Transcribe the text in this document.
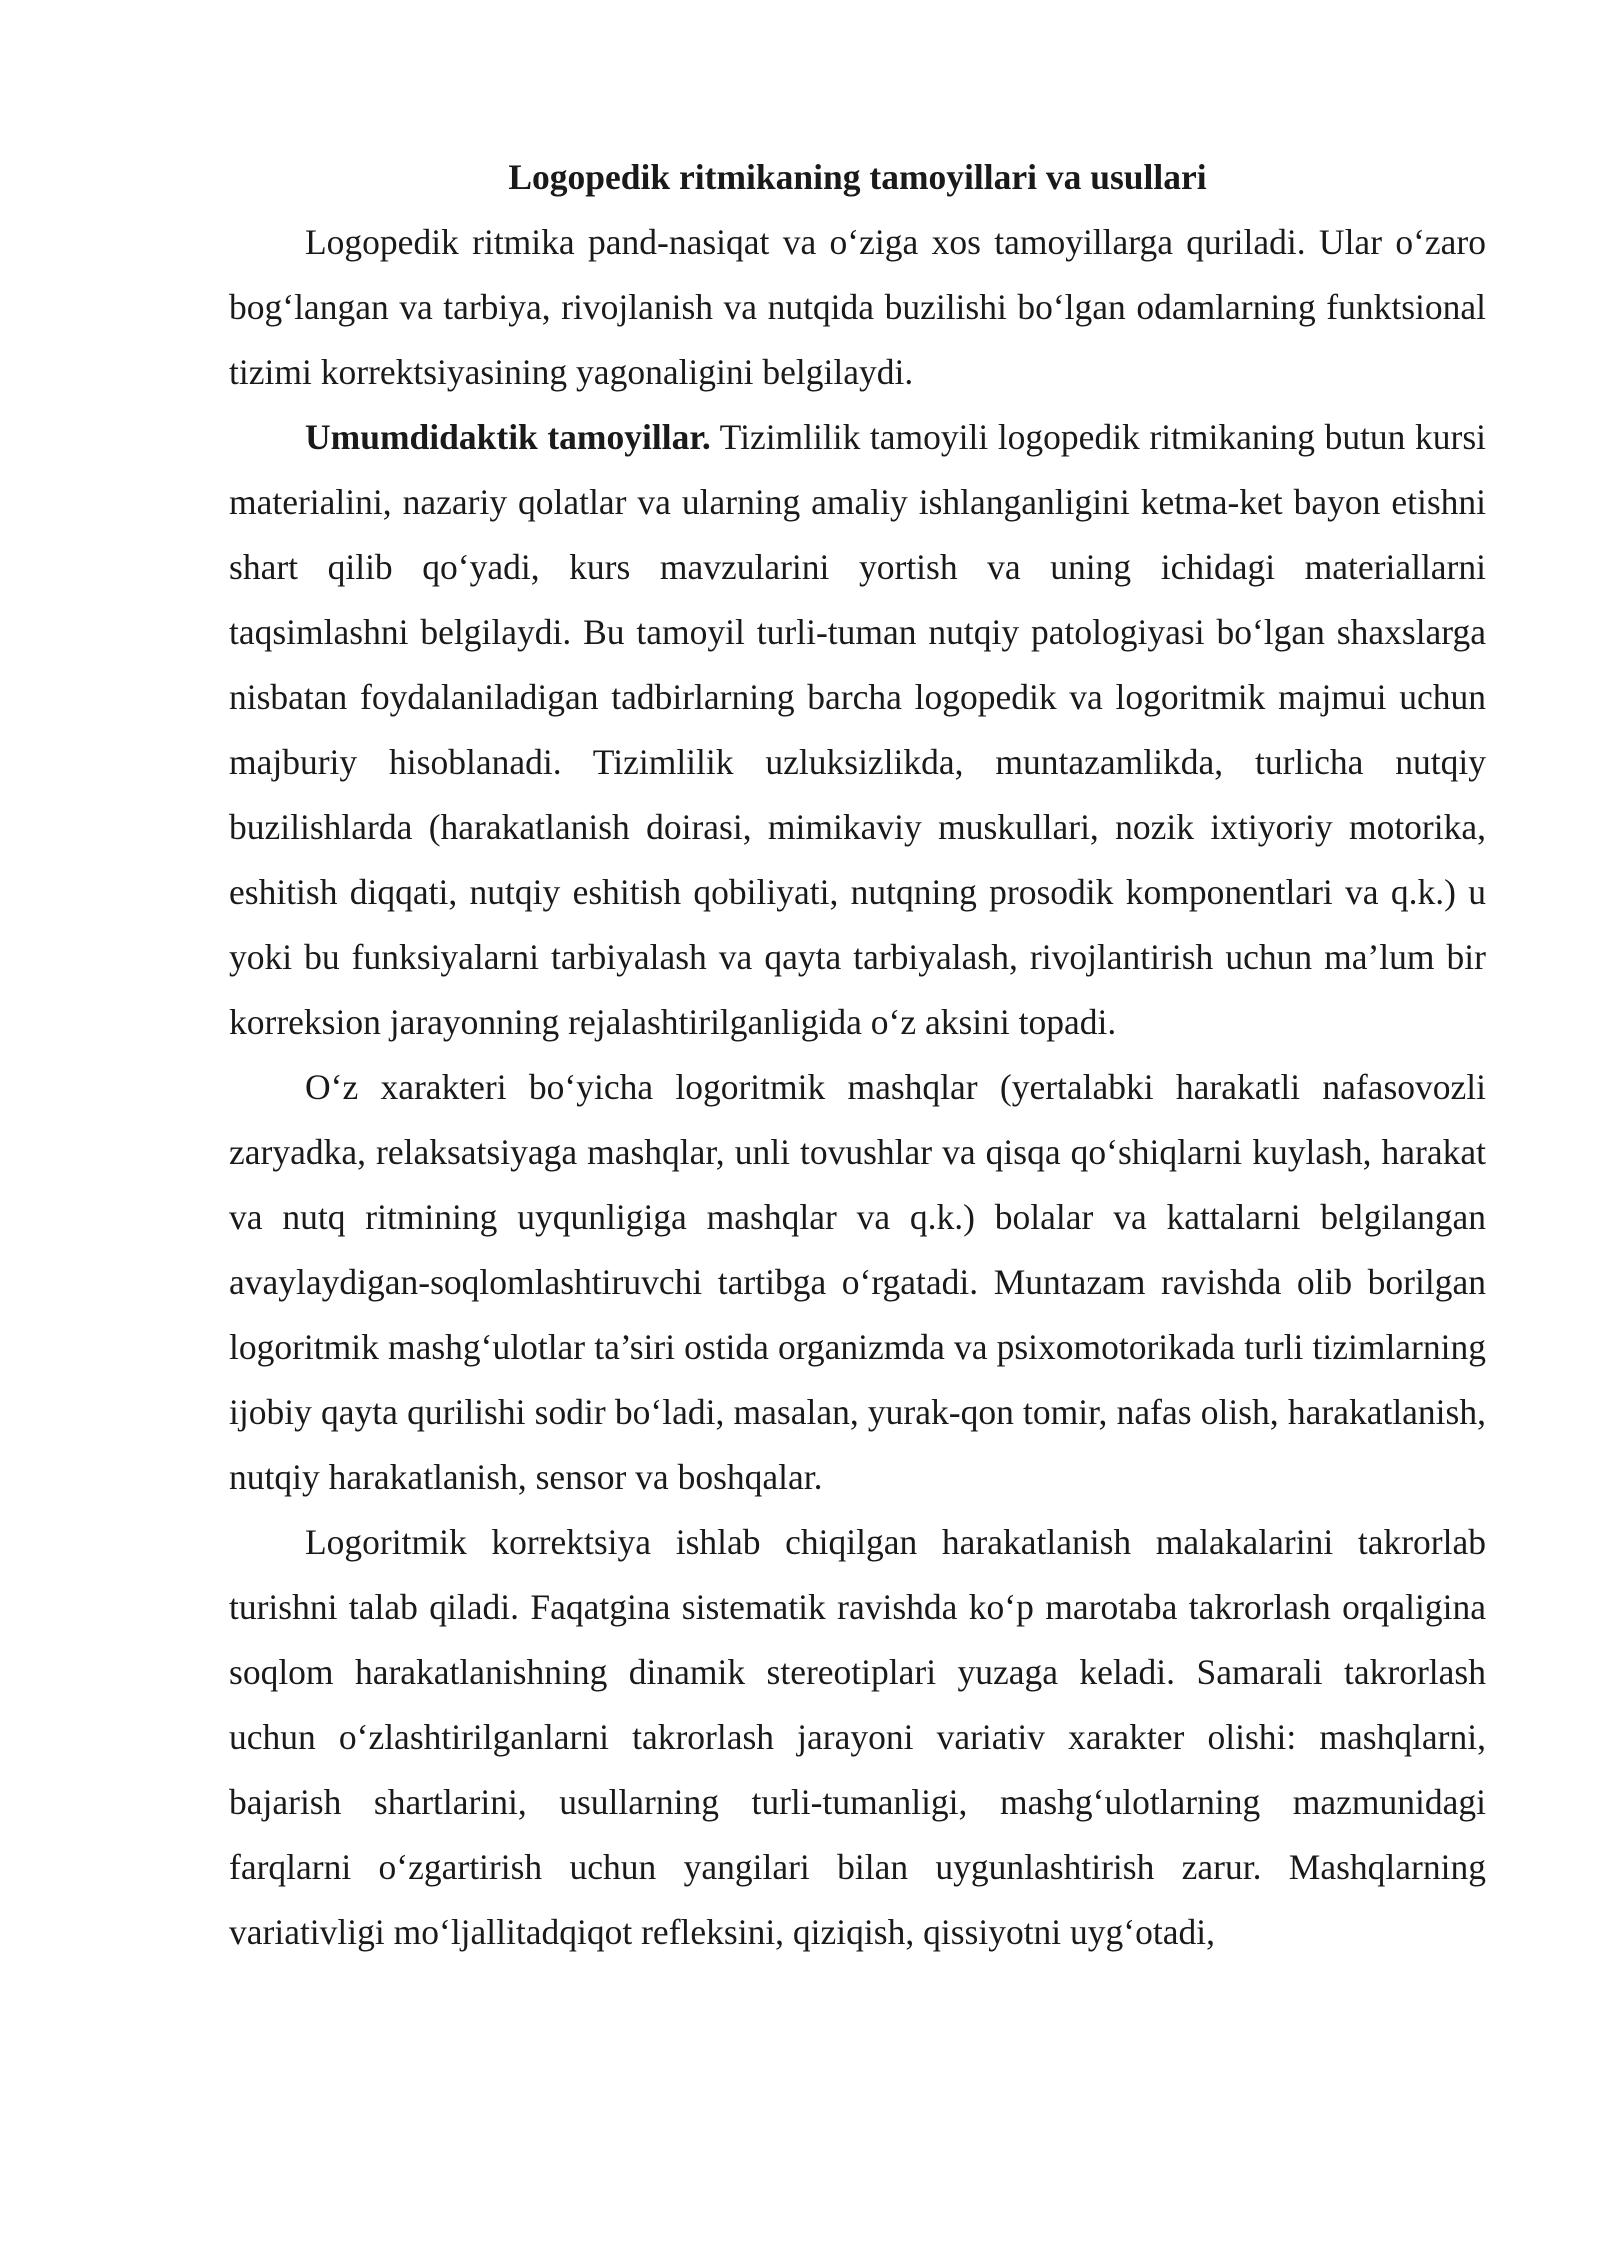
Logopedik ritmikaning tamoyillari va usullari

Logopedik ritmika pand-nasiqat va o‘ziga xos tamoyillarga quriladi. Ular o‘zaro bog‘langan va tarbiya, rivojlanish va nutqida buzilishi bo‘lgan odamlarning funktsional tizimi korrektsiyasining yagonaligini belgilaydi.

Umumdidaktik tamoyillar. Tizimlilik tamoyili logopedik ritmikaning butun kursi materialini, nazariy qolatlar va ularning amaliy ishlanganligini ketma-ket bayon etishni shart qilib qo‘yadi, kurs mavzularini yortish va uning ichidagi materiallarni taqsimlashni belgilaydi. Bu tamoyil turli-tuman nutqiy patologiyasi bo‘lgan shaxslarga nisbatan foydalaniladigan tadbirlarning barcha logopedik va logoritmik majmui uchun majburiy hisoblanadi. Tizimlilik uzluksizlikda, muntazamlikda, turlicha nutqiy buzilishlarda (harakatlanish doirasi, mimikaviy muskullari, nozik ixtiyoriy motorika, eshitish diqqati, nutqiy eshitish qobiliyati, nutqning prosodik komponentlari va q.k.) u yoki bu funksiyalarni tarbiyalash va qayta tarbiyalash, rivojlantirish uchun ma’lum bir korreksion jarayonning rejalashtirilganligida o‘z aksini topadi.

O‘z xarakteri bo‘yicha logoritmik mashqlar (yertalabki harakatli nafasovozli zaryadka, relaksatsiyaga mashqlar, unli tovushlar va qisqa qo‘shiqlarni kuylash, harakat va nutq ritmining uyqunligiga mashqlar va q.k.) bolalar va kattalarni belgilangan avaylaydigan-soqlomlashtiruvchi tartibga o‘rgatadi. Muntazam ravishda olib borilgan logoritmik mashg‘ulotlar ta’siri ostida organizmda va psixomotorikada turli tizimlarning ijobiy qayta qurilishi sodir bo‘ladi, masalan, yurak-qon tomir, nafas olish, harakatlanish, nutqiy harakatlanish, sensor va boshqalar.

Logoritmik korrektsiya ishlab chiqilgan harakatlanish malakalarini takrorlab turishni talab qiladi. Faqatgina sistematik ravishda ko‘p marotaba takrorlash orqaligina soqlom harakatlanishning dinamik stereotiplari yuzaga keladi. Samarali takrorlash uchun o‘zlashtirilganlarni takrorlash jarayoni variativ xarakter olishi: mashqlarni, bajarish shartlarini, usullarning turli-tumanligi, mashg‘ulotlarning mazmunidagi farqlarni o‘zgartirish uchun yangilari bilan uygunlashtirish zarur. Mashqlarning variativligi mo‘ljallitadqiqot refleksini, qiziqish, qissiyotni uyg‘otadi,
